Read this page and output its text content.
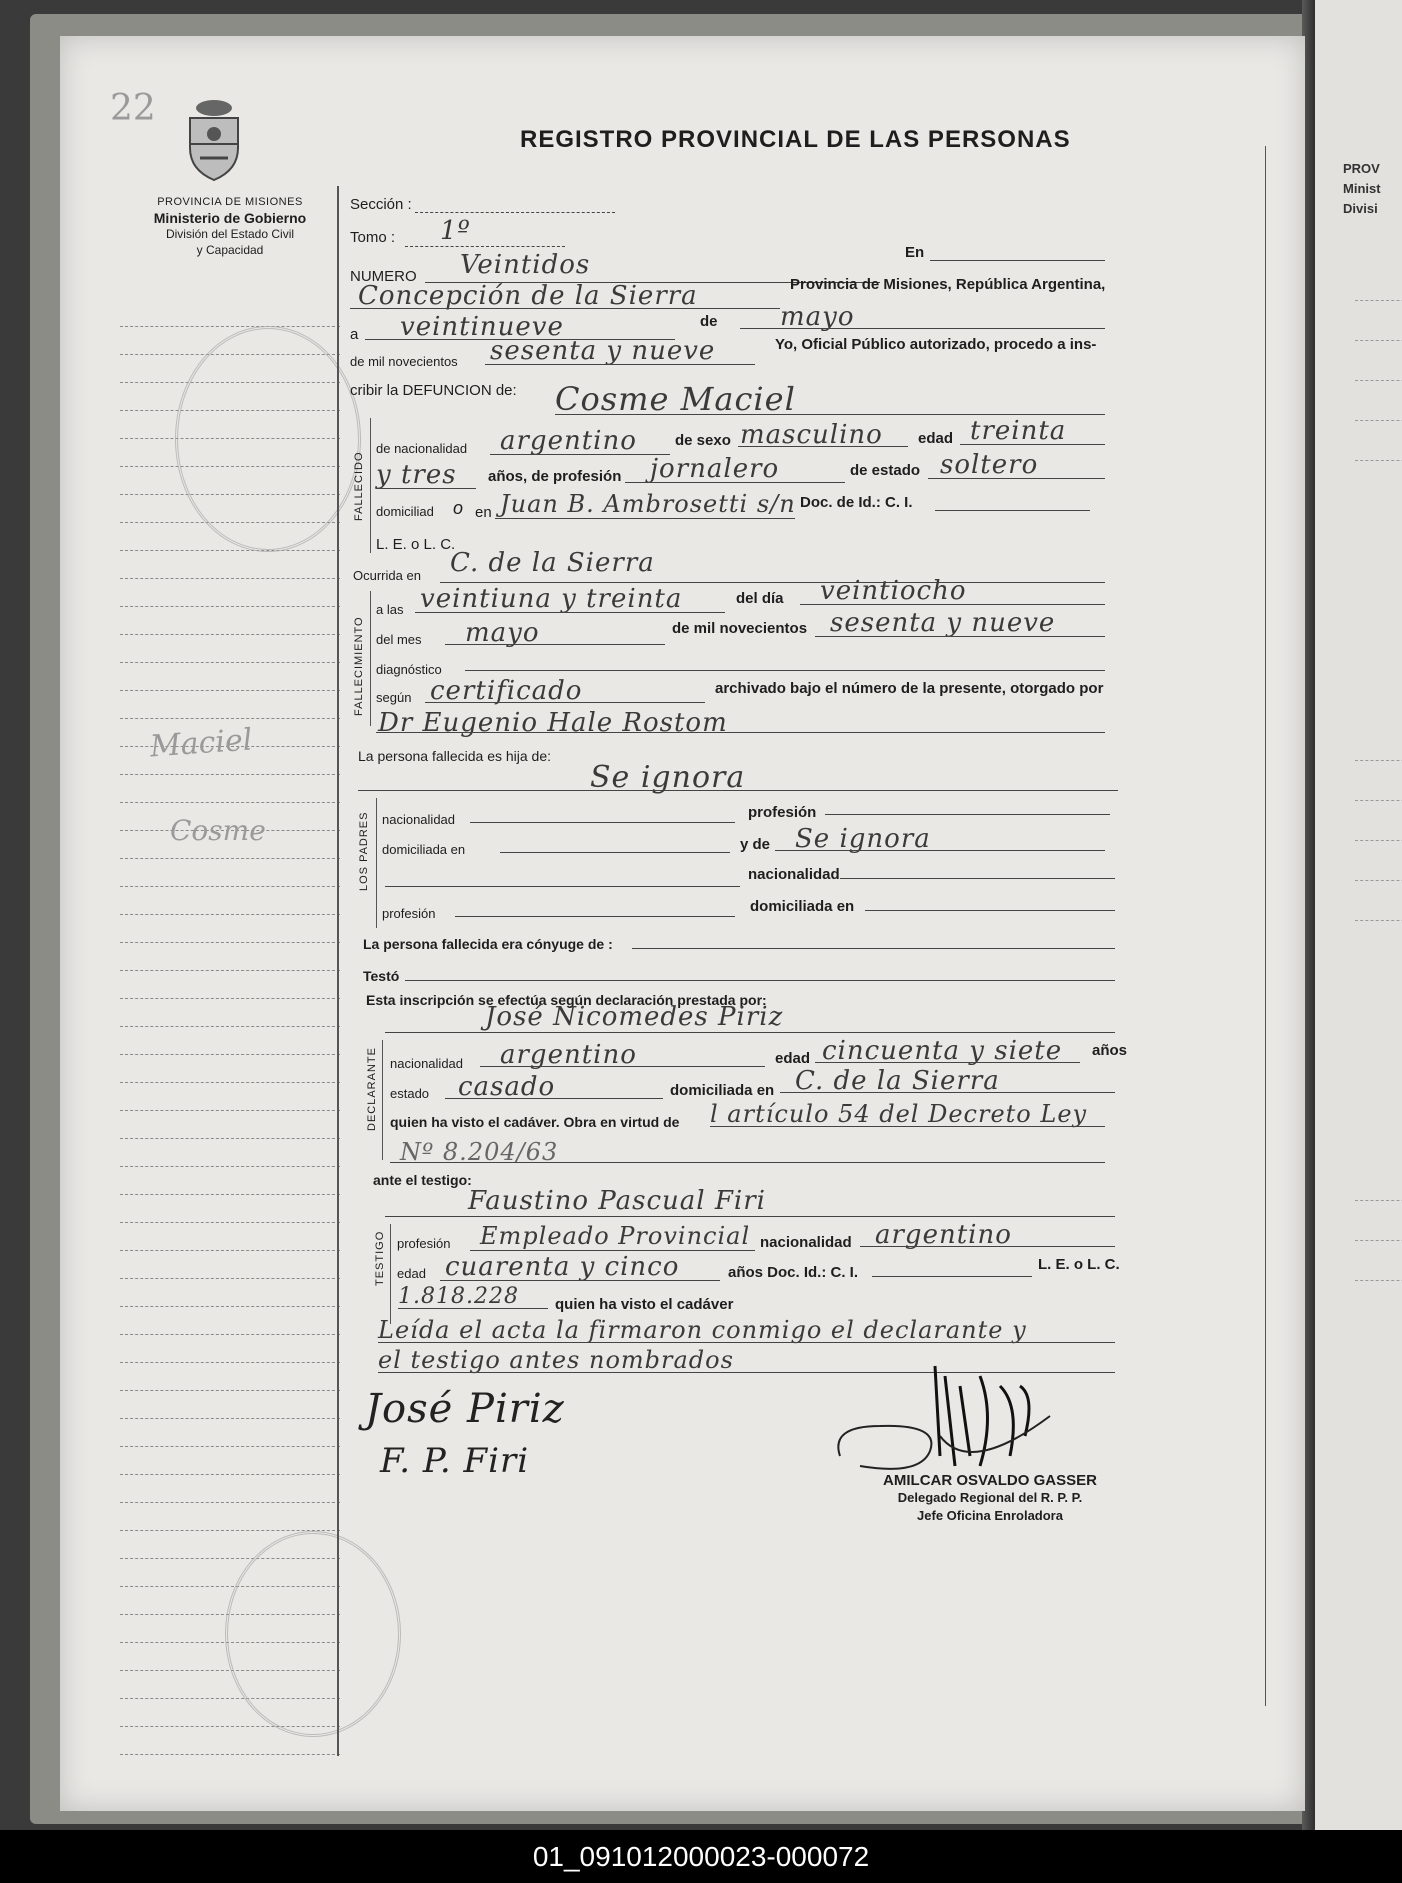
PROV
Minist
Divisi
22
PROVINCIA DE MISIONES
Ministerio de Gobierno
División del Estado Civil
y Capacidad
Maciel
Cosme
REGISTRO PROVINCIAL DE LAS PERSONAS
Sección :
Tomo : 1º
NUMERO Veintidos	En
Concepción de la Sierra	Provincia de Misiones, República Argentina,
a veintinueve	de mayo
de mil novecientos sesenta y nueve	Yo, Oficial Público autorizado, procedo a ins-
cribir la DEFUNCION de: Cosme Maciel
FALLECIDO
de nacionalidad argentino	de sexo masculino edad treinta
y tres años, de profesión jornalero	de estado soltero
domiciliad o en Juan B. Ambrosetti s/n Doc. de Id.: C. I.
L. E. o L. C.
Ocurrida en C. de la Sierra
FALLECIMIENTO
a las veintiuna y treinta	del día veintiocho
del mes mayo	de mil novecientos sesenta y nueve
diagnóstico
según certificado	archivado bajo el número de la presente, otorgado por
Dr Eugenio Hale Rostom
La persona fallecida es hija de:
Se ignora
LOS PADRES nacionalidad	profesión
domiciliada en	y de Se ignora
nacionalidad
profesión	domiciliada en
La persona fallecida era cónyuge de :
Testó
Esta inscripción se efectúa según declaración prestada por:
José Nicomedes Piriz
DECLARANTE nacionalidad argentino	edad cincuenta y siete años
estado casado	domiciliada en C. de la Sierra
quien ha visto el cadáver. Obra en virtud de l artículo 54 del Decreto Ley
Nº 8.204/63
ante el testigo:
Faustino Pascual Firi
TESTIGO profesión Empleado Provincial nacionalidad argentino
edad cuarenta y cinco	años Doc. Id.: C. I.	L. E. o L. C.
1.818.228 quien ha visto el cadáver
Leída el acta la firmaron conmigo el declarante y
el testigo antes nombrados
José Piriz
F. P. Firi	AMILCAR OSVALDO GASSER
Delegado Regional del R. P. P.
Jefe Oficina Enroladora
01_091012000023-000072
